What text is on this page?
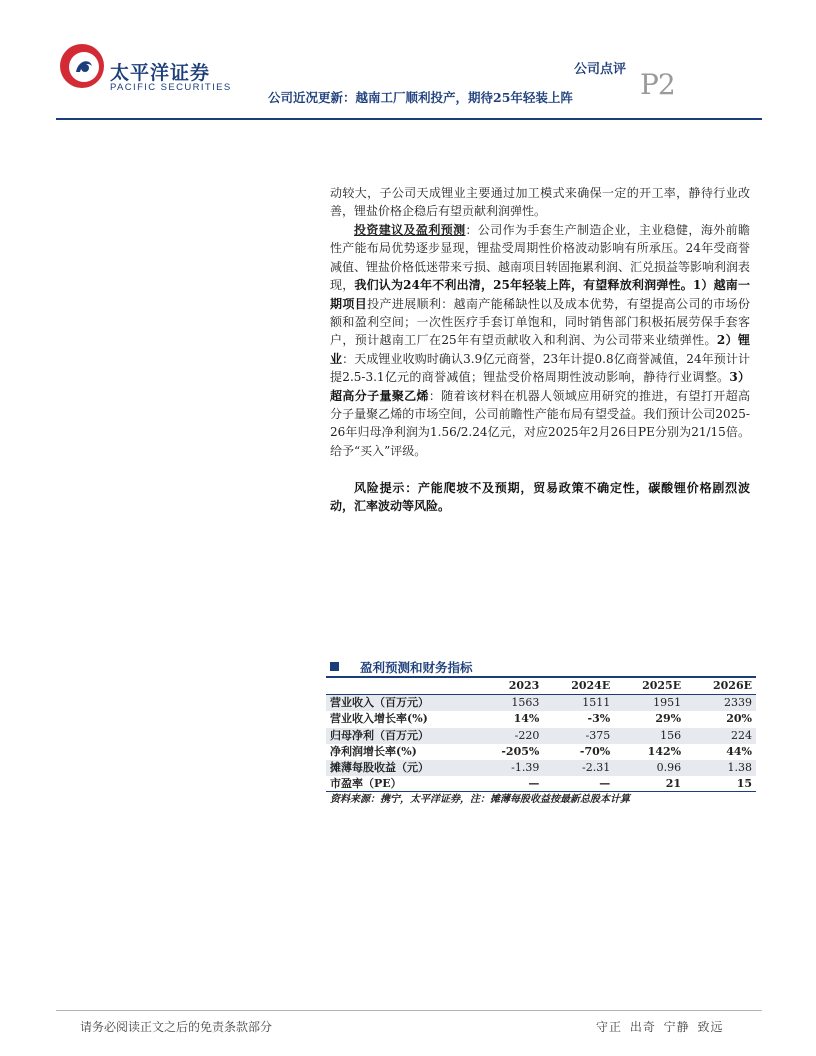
太平洋证券
PACIFIC SECURITIES
公司点评 P2
公司近况更新：越南工厂顺利投产，期待25年轻装上阵
动较大，子公司天成锂业主要通过加工模式来确保一定的开工率，静待行业改善，锂盐价格企稳后有望贡献利润弹性。
投资建议及盈利预测：公司作为手套生产制造企业，主业稳健，海外前瞻性产能布局优势逐步显现，锂盐受周期性价格波动影响有所承压。24年受商誉减值、锂盐价格低迷带来亏损、越南项目转固拖累利润、汇兑损益等影响利润表现，我们认为24年不利出清，25年轻装上阵，有望释放利润弹性。1）越南一期项目投产进展顺利：越南产能稀缺性以及成本优势，有望提高公司的市场份额和盈利空间；一次性医疗手套订单饱和，同时销售部门积极拓展劳保手套客户，预计越南工厂在25年有望贡献收入和利润、为公司带来业绩弹性。2）锂业：天成锂业收购时确认3.9亿元商誉，23年计提0.8亿商誉减值，24年预计计提2.5-3.1亿元的商誉减值；锂盐受价格周期性波动影响，静待行业调整。3）超高分子量聚乙烯：随着该材料在机器人领域应用研究的推进，有望打开超高分子量聚乙烯的市场空间，公司前瞻性产能布局有望受益。我们预计公司2025-26年归母净利润为1.56/2.24亿元，对应2025年2月26日PE分别为21/15倍。给予“买入”评级。
风险提示：产能爬坡不及预期，贸易政策不确定性，碳酸锂价格剧烈波动，汇率波动等风险。
盈利预测和财务指标
	2023	2024E	2025E	2026E
营业收入（百万元）	1563	1511	1951	2339
营业收入增长率(%)	14%	-3%	29%	20%
归母净利（百万元）	-220	-375	156	224
净利润增长率(%)	-205%	-70%	142%	44%
摊薄每股收益（元）	-1.39	-2.31	0.96	1.38
市盈率（PE）	—	—	21	15
资料来源：携宁，太平洋证券，注：摊薄每股收益按最新总股本计算
请务必阅读正文之后的免责条款部分	守正 出奇 宁静 致远
